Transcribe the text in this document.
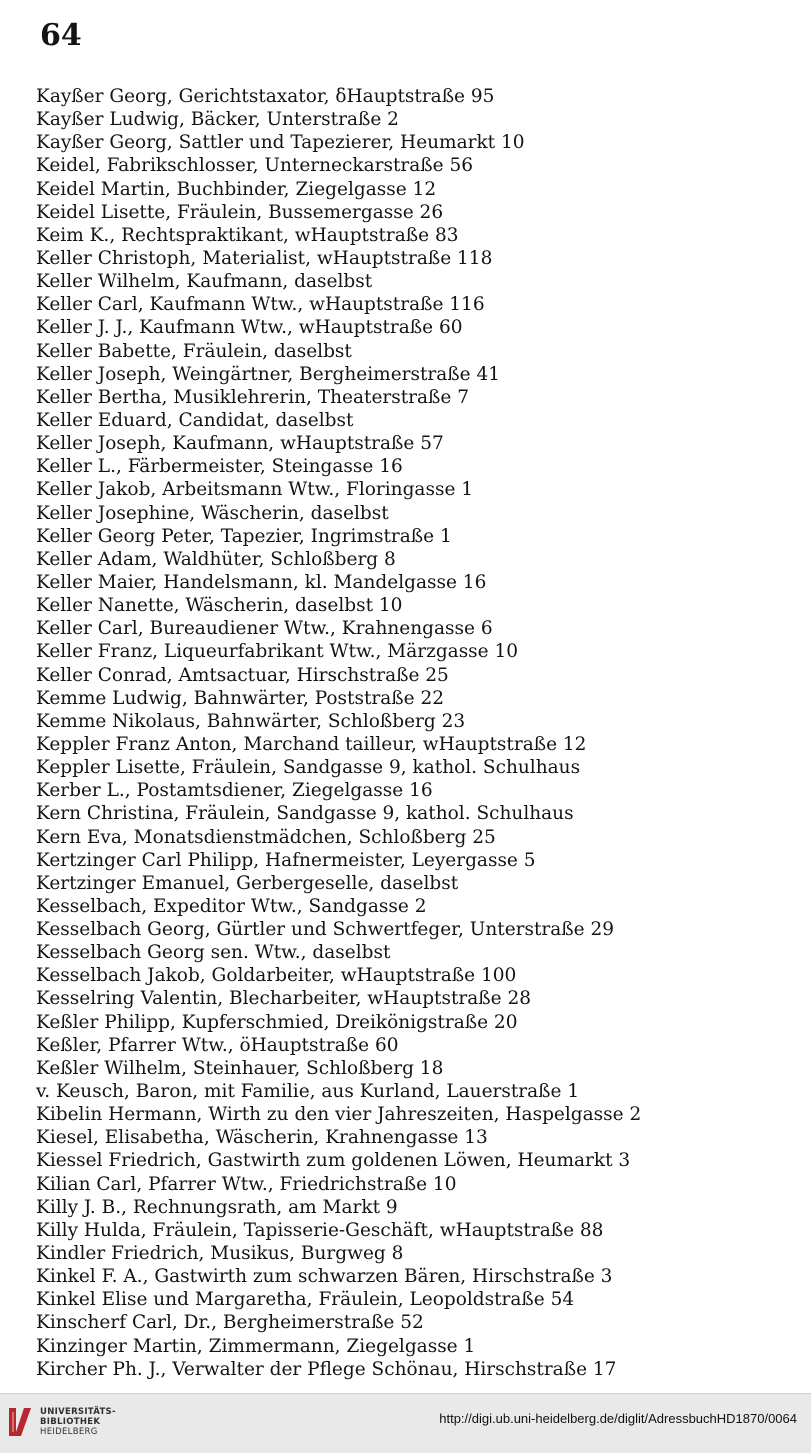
64
Kayßer Georg, Gerichtstaxator, ẟHauptstraße 95
Kayßer Ludwig, Bäcker, Unterstraße 2
Kayßer Georg, Sattler und Tapezierer, Heumarkt 10
Keidel, Fabrikschlosser, Unterneckarstraße 56
Keidel Martin, Buchbinder, Ziegelgasse 12
Keidel Lisette, Fräulein, Bussemergasse 26
Keim K., Rechtspraktikant, wHauptstraße 83
Keller Christoph, Materialist, wHauptstraße 118
Keller Wilhelm, Kaufmann, daselbst
Keller Carl, Kaufmann Wtw., wHauptstraße 116
Keller J. J., Kaufmann Wtw., wHauptstraße 60
Keller Babette, Fräulein, daselbst
Keller Joseph, Weingärtner, Bergheimerstraße 41
Keller Bertha, Musiklehrerin, Theaterstraße 7
Keller Eduard, Candidat, daselbst
Keller Joseph, Kaufmann, wHauptstraße 57
Keller L., Färbermeister, Steingasse 16
Keller Jakob, Arbeitsmann Wtw., Floringasse 1
Keller Josephine, Wäscherin, daselbst
Keller Georg Peter, Tapezier, Ingrimstraße 1
Keller Adam, Waldhüter, Schloßberg 8
Keller Maier, Handelsmann, kl. Mandelgasse 16
Keller Nanette, Wäscherin, daselbst 10
Keller Carl, Bureaudiener Wtw., Krahnengasse 6
Keller Franz, Liqueurfabrikant Wtw., Märzgasse 10
Keller Conrad, Amtsactuar, Hirschstraße 25
Kemme Ludwig, Bahnwärter, Poststraße 22
Kemme Nikolaus, Bahnwärter, Schloßberg 23
Keppler Franz Anton, Marchand tailleur, wHauptstraße 12
Keppler Lisette, Fräulein, Sandgasse 9, kathol. Schulhaus
Kerber L., Postamtsdiener, Ziegelgasse 16
Kern Christina, Fräulein, Sandgasse 9, kathol. Schulhaus
Kern Eva, Monatsdienstmädchen, Schloßberg 25
Kertzinger Carl Philipp, Hafnermeister, Leyergasse 5
Kertzinger Emanuel, Gerbergeselle, daselbst
Kesselbach, Expeditor Wtw., Sandgasse 2
Kesselbach Georg, Gürtler und Schwertfeger, Unterstraße 29
Kesselbach Georg sen. Wtw., daselbst
Kesselbach Jakob, Goldarbeiter, wHauptstraße 100
Kesselring Valentin, Blecharbeiter, wHauptstraße 28
Keßler Philipp, Kupferschmied, Dreikönigstraße 20
Keßler, Pfarrer Wtw., öHauptstraße 60
Keßler Wilhelm, Steinhauer, Schloßberg 18
v. Keusch, Baron, mit Familie, aus Kurland, Lauerstraße 1
Kibelin Hermann, Wirth zu den vier Jahreszeiten, Haspelgasse 2
Kiesel, Elisabetha, Wäscherin, Krahnengasse 13
Kiessel Friedrich, Gastwirth zum goldenen Löwen, Heumarkt 3
Kilian Carl, Pfarrer Wtw., Friedrichstraße 10
Killy J. B., Rechnungsrath, am Markt 9
Killy Hulda, Fräulein, Tapisserie-Geschäft, wHauptstraße 88
Kindler Friedrich, Musikus, Burgweg 8
Kinkel F. A., Gastwirth zum schwarzen Bären, Hirschstraße 3
Kinkel Elise und Margaretha, Fräulein, Leopoldstraße 54
Kinscherf Carl, Dr., Bergheimerstraße 52
Kinzinger Martin, Zimmermann, Ziegelgasse 1
Kircher Ph. J., Verwalter der Pflege Schönau, Hirschstraße 17
UNIVERSITÄTS-
BIBLIOTHEK
HEIDELBERG
http://digi.ub.uni-heidelberg.de/diglit/AdressbuchHD1870/0064
